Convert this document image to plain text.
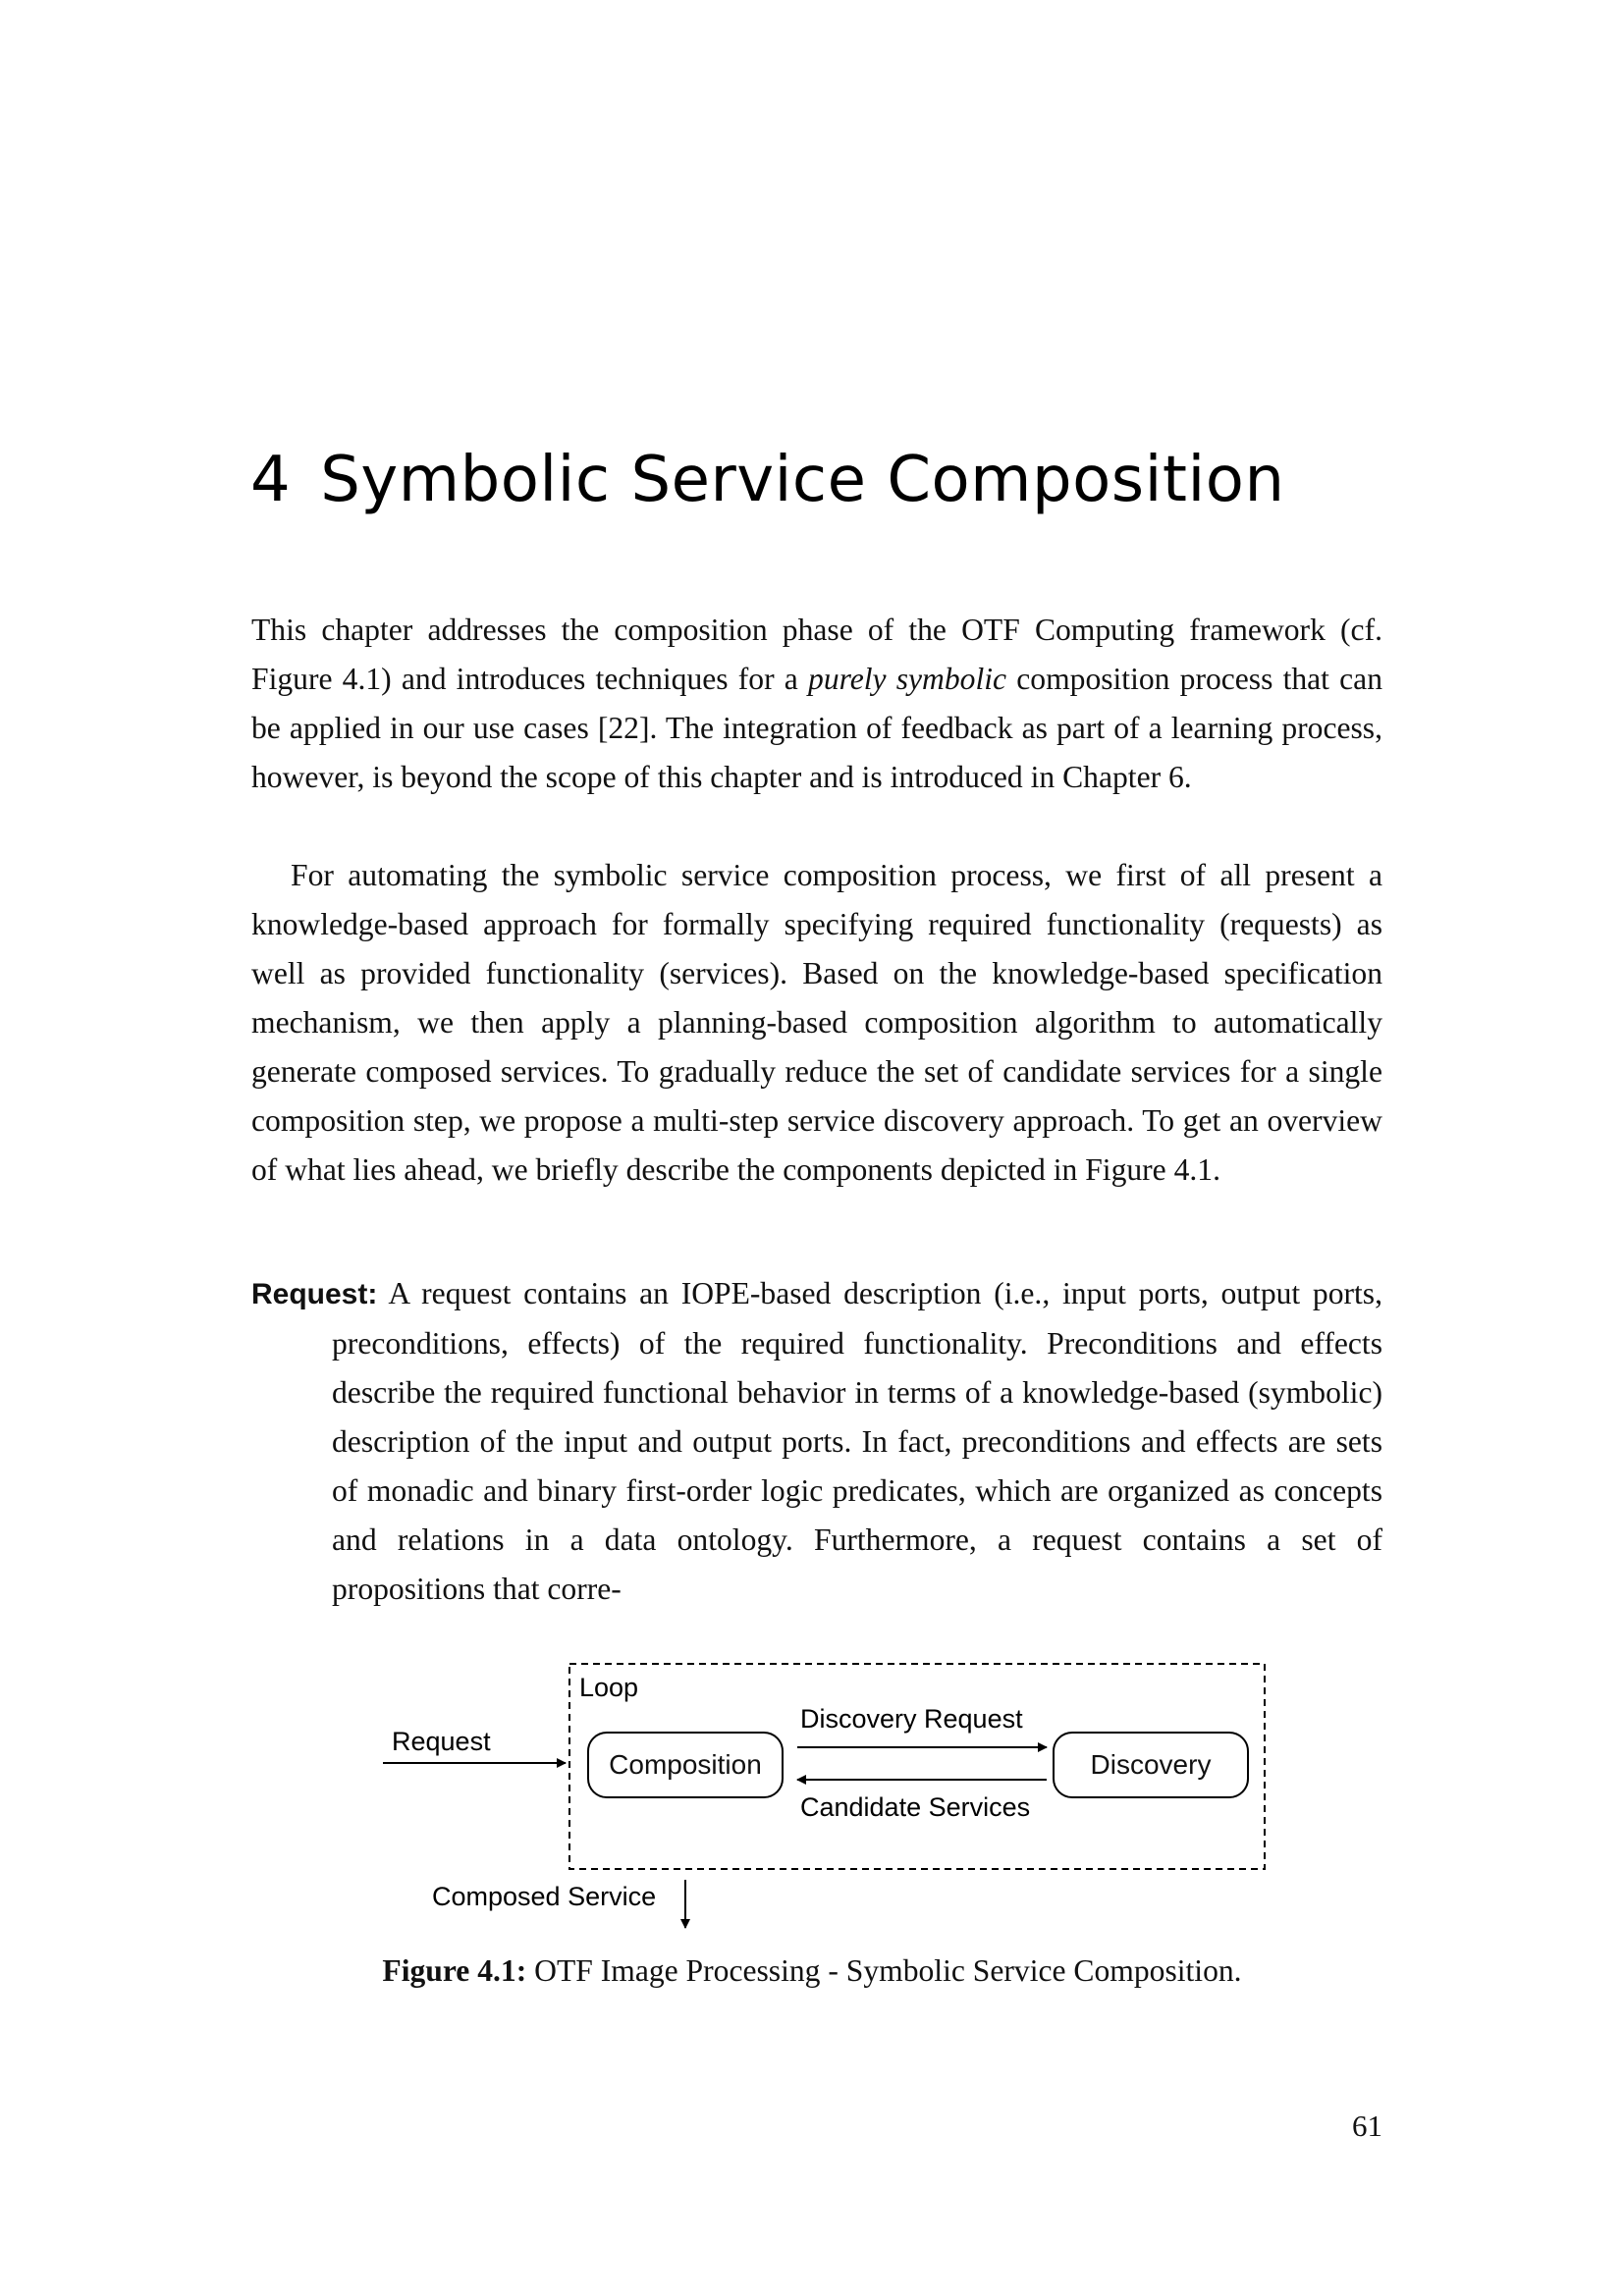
4 Symbolic Service Composition

This chapter addresses the composition phase of the OTF Computing framework (cf. Figure 4.1) and introduces techniques for a purely symbolic composition process that can be applied in our use cases [22]. The integration of feedback as part of a learning process, however, is beyond the scope of this chapter and is introduced in Chapter 6.

For automating the symbolic service composition process, we first of all present a knowledge-based approach for formally specifying required functionality (requests) as well as provided functionality (services). Based on the knowledge-based specification mechanism, we then apply a planning-based composition algorithm to automatically generate composed services. To gradually reduce the set of candidate services for a single composition step, we propose a multi-step service discovery approach. To get an overview of what lies ahead, we briefly describe the components depicted in Figure 4.1.

Request: A request contains an IOPE-based description (i.e., input ports, output ports, preconditions, effects) of the required functionality. Preconditions and effects describe the required functional behavior in terms of a knowledge-based (symbolic) description of the input and output ports. In fact, preconditions and effects are sets of monadic and binary first-order logic predicates, which are organized as concepts and relations in a data ontology. Furthermore, a request contains a set of propositions that corre-

Loop
Request
Composition	Discovery
Discovery Request
Candidate Services
Composed Service

Figure 4.1: OTF Image Processing - Symbolic Service Composition.

61
